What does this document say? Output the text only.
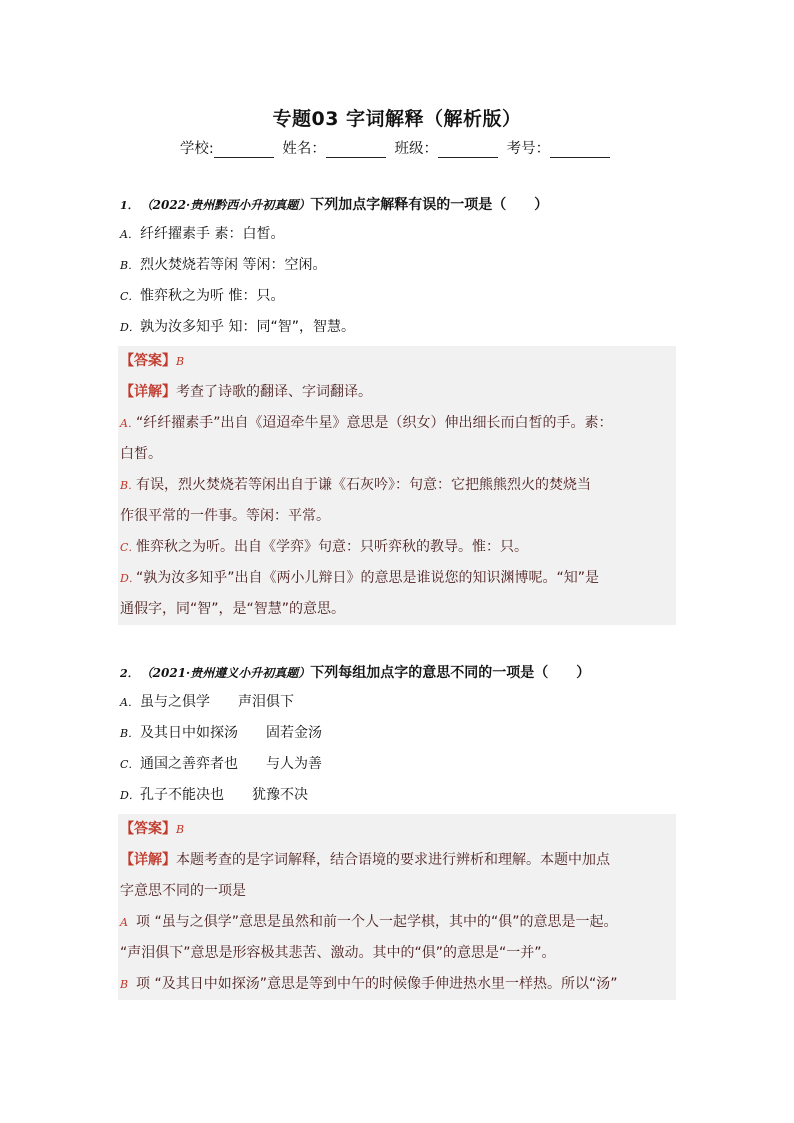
专题03 字词解释（解析版）
学校:	姓名：	班级：	考号：
1． （2022·贵州黔西小升初真题）下列加点字解释有误的一项是（　　）
A．纤纤擢素手 素：白皙。
B．烈火焚烧若等闲 等闲：空闲。
C．惟弈秋之为听 惟：只。
D．孰为汝多知乎 知：同“智”，智慧。
【答案】B
【详解】考查了诗歌的翻译、字词翻译。
A．“纤纤擢素手”出自《迢迢牵牛星》意思是（织女）伸出细长而白皙的手。素：
白皙。
B．有误，烈火焚烧若等闲出自于谦《石灰吟》：句意：它把熊熊烈火的焚烧当
作很平常的一件事。等闲：平常。
C．惟弈秋之为听。出自《学弈》句意：只听弈秋的教导。惟：只。
D．“孰为汝多知乎”出自《两小儿辩日》的意思是谁说您的知识渊博呢。“知”是
通假字，同“智”，是“智慧”的意思。
2． （2021·贵州遵义小升初真题）下列每组加点字的意思不同的一项是（　　）
A．虽与之俱学　　声泪俱下
B．及其日中如探汤　　固若金汤
C．通国之善弈者也　　与人为善
D．孔子不能决也　　犹豫不决
【答案】B
【详解】本题考查的是字词解释，结合语境的要求进行辨析和理解。本题中加点
字意思不同的一项是
A 项 “虽与之俱学”意思是虽然和前一个人一起学棋，其中的“俱”的意思是一起。
“声泪俱下”意思是形容极其悲苦、激动。其中的“俱”的意思是“一并”。
B 项 “及其日中如探汤”意思是等到中午的时候像手伸进热水里一样热。所以“汤”
